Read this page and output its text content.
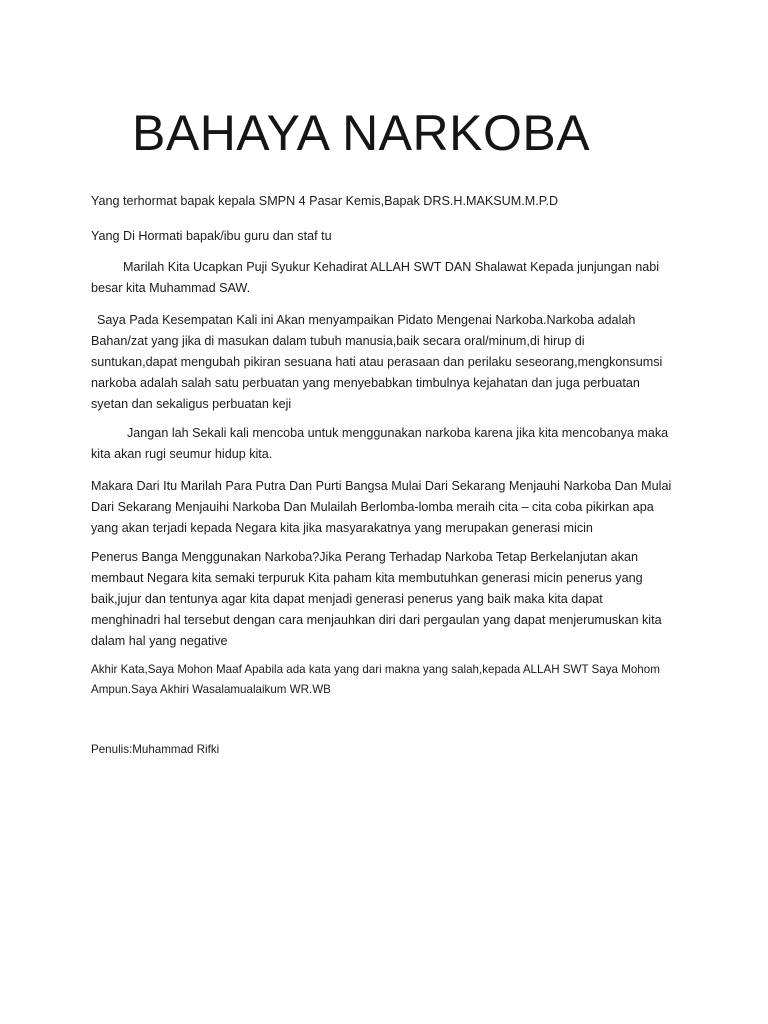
BAHAYA NARKOBA

Yang terhormat bapak kepala SMPN 4 Pasar Kemis,Bapak DRS.H.MAKSUM.M.P.D

Yang Di Hormati bapak/ibu guru dan staf tu

Marilah Kita Ucapkan Puji Syukur Kehadirat ALLAH SWT DAN Shalawat Kepada junjungan nabi besar kita Muhammad SAW.

Saya Pada Kesempatan Kali ini Akan menyampaikan Pidato Mengenai Narkoba.Narkoba adalah Bahan/zat yang jika di masukan dalam tubuh manusia,baik secara oral/minum,di hirup di suntukan,dapat mengubah pikiran sesuana hati atau perasaan dan perilaku seseorang,mengkonsumsi narkoba adalah salah satu perbuatan yang menyebabkan timbulnya kejahatan dan juga perbuatan syetan dan sekaligus perbuatan keji

Jangan lah Sekali kali mencoba untuk menggunakan narkoba karena jika kita mencobanya maka kita akan rugi seumur hidup kita.

Makara Dari Itu Marilah Para Putra Dan Purti Bangsa Mulai Dari Sekarang Menjauhi Narkoba Dan Mulai Dari Sekarang Menjauihi Narkoba Dan Mulailah Berlomba-lomba meraih cita – cita coba pikirkan apa yang akan terjadi kepada Negara kita jika masyarakatnya yang merupakan generasi micin

Penerus Banga Menggunakan Narkoba?Jika Perang Terhadap Narkoba Tetap Berkelanjutan akan membaut Negara kita semaki terpuruk Kita paham kita membutuhkan generasi micin penerus yang baik,jujur dan tentunya agar kita dapat menjadi generasi penerus yang baik maka kita dapat menghinadri hal tersebut dengan cara menjauhkan diri dari pergaulan yang dapat menjerumuskan kita dalam hal yang negative

Akhir Kata,Saya Mohon Maaf Apabila ada kata yang dari makna yang salah,kepada ALLAH SWT Saya Mohom Ampun.Saya Akhiri Wasalamualaikum WR.WB

Penulis:Muhammad Rifki
